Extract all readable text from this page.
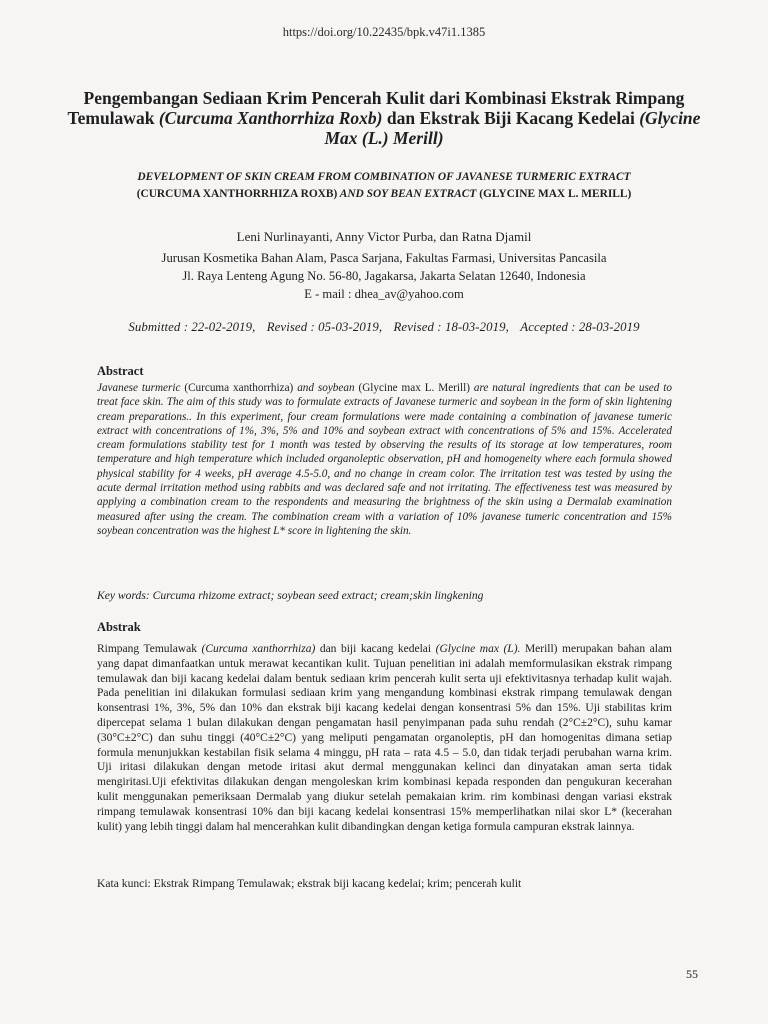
https://doi.org/10.22435/bpk.v47i1.1385
Pengembangan Sediaan Krim Pencerah Kulit dari Kombinasi Ekstrak Rimpang Temulawak (Curcuma Xanthorrhiza Roxb) dan Ekstrak Biji Kacang Kedelai (Glycine Max (L.) Merill)
DEVELOPMENT OF SKIN CREAM FROM COMBINATION OF JAVANESE TURMERIC EXTRACT
(CURCUMA XANTHORRHIZA ROXB) AND SOY BEAN EXTRACT (GLYCINE MAX L. MERILL)
Leni Nurlinayanti, Anny Victor Purba, dan Ratna Djamil
Jurusan Kosmetika Bahan Alam, Pasca Sarjana, Fakultas Farmasi, Universitas Pancasila
Jl. Raya Lenteng Agung No. 56-80, Jagakarsa, Jakarta Selatan 12640, Indonesia
E - mail : dhea_av@yahoo.com
Submitted : 22-02-2019, Revised : 05-03-2019, Revised : 18-03-2019, Accepted : 28-03-2019
Abstract

Javanese turmeric (Curcuma xanthorrhiza) and soybean (Glycine max L. Merill) are natural ingredients that can be used to treat face skin. The aim of this study was to formulate extracts of Javanese turmeric and soybean in the form of skin lightening cream preparations.. In this experiment, four cream formulations were made containing a combination of javanese tumeric extract with concentrations of 1%, 3%, 5% and 10% and soybean extract with concentrations of 5% and 15%. Accelerated cream formulations stability test for 1 month was tested by observing the results of its storage at low temperatures, room temperature and high temperature which included organoleptic observation, pH and homogeneity where each formula showed physical stability for 4 weeks, pH average 4.5-5.0, and no change in cream color. The irritation test was tested by using the acute dermal irritation method using rabbits and was declared safe and not irritating. The effectiveness test was measured by applying a combination cream to the respondents and measuring the brightness of the skin using a Dermalab examination measured after using the cream. The combination cream with a variation of 10% javanese tumeric concentration and 15% soybean concentration was the highest L* score in lightening the skin.

Key words: Curcuma rhizome extract; soybean seed extract; cream;skin lingkening

Abstrak

Rimpang Temulawak (Curcuma xanthorrhiza) dan biji kacang kedelai (Glycine max (L). Merill) merupakan bahan alam yang dapat dimanfaatkan untuk merawat kecantikan kulit. Tujuan penelitian ini adalah memformulasikan ekstrak rimpang temulawak dan biji kacang kedelai dalam bentuk sediaan krim pencerah kulit serta uji efektivitasnya terhadap kulit wajah. Pada penelitian ini dilakukan formulasi sediaan krim yang mengandung kombinasi ekstrak rimpang temulawak dengan konsentrasi 1%, 3%, 5% dan 10% dan ekstrak biji kacang kedelai dengan konsentrasi 5% dan 15%. Uji stabilitas krim dipercepat selama 1 bulan dilakukan dengan pengamatan hasil penyimpanan pada suhu rendah (2°C±2°C), suhu kamar (30°C±2°C) dan suhu tinggi (40°C±2°C) yang meliputi pengamatan organoleptis, pH dan homogenitas dimana setiap formula menunjukkan kestabilan fisik selama 4 minggu, pH rata – rata 4.5 – 5.0, dan tidak terjadi perubahan warna krim. Uji iritasi dilakukan dengan metode iritasi akut dermal menggunakan kelinci dan dinyatakan aman serta tidak mengiritasi.Uji efektivitas dilakukan dengan mengoleskan krim kombinasi kepada responden dan pengukuran kecerahan kulit menggunakan pemeriksaan Dermalab yang diukur setelah pemakaian krim. rim kombinasi dengan variasi ekstrak rimpang temulawak konsentrasi 10% dan biji kacang kedelai konsentrasi 15% memperlihatkan nilai skor L* (kecerahan kulit) yang lebih tinggi dalam hal mencerahkan kulit dibandingkan dengan ketiga formula campuran ekstrak lainnya.

Kata kunci: Ekstrak Rimpang Temulawak; ekstrak biji kacang kedelai; krim; pencerah kulit

55
